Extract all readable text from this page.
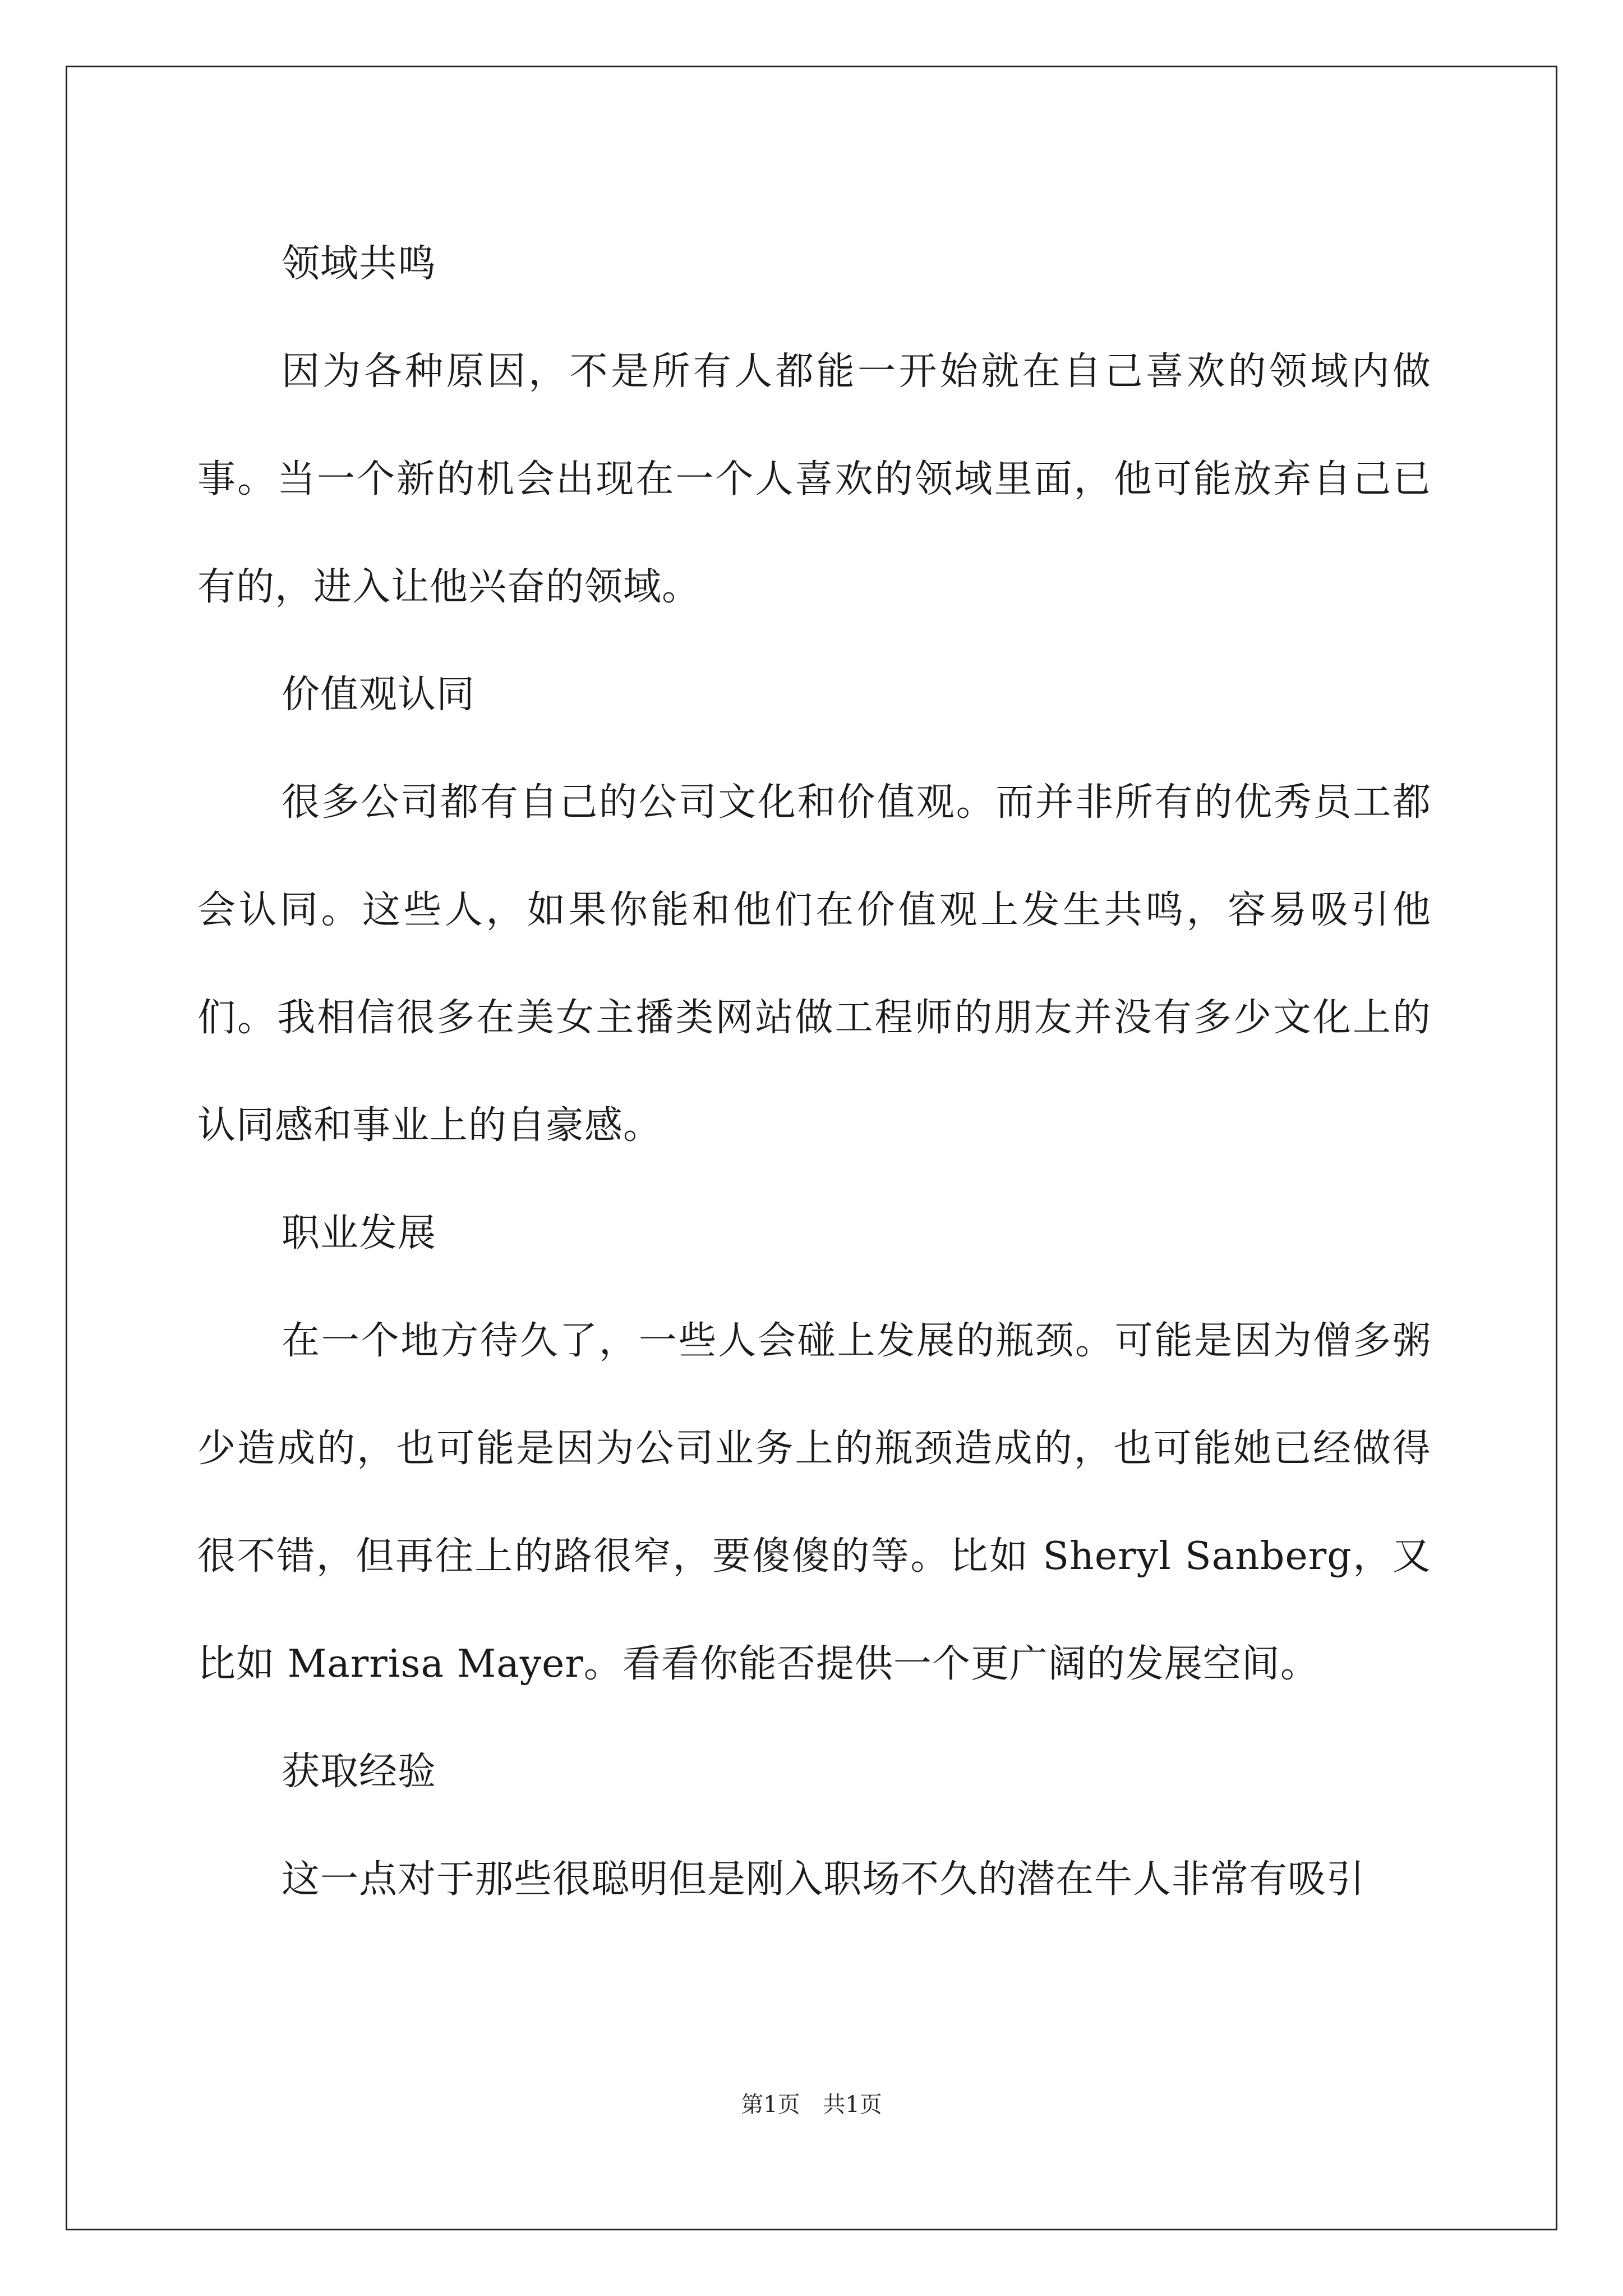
领域共鸣

因为各种原因，不是所有人都能一开始就在自己喜欢的领域内做事。当一个新的机会出现在一个人喜欢的领域里面，他可能放弃自己已有的，进入让他兴奋的领域。

价值观认同

很多公司都有自己的公司文化和价值观。而并非所有的优秀员工都会认同。这些人，如果你能和他们在价值观上发生共鸣，容易吸引他们。我相信很多在美女主播类网站做工程师的朋友并没有多少文化上的认同感和事业上的自豪感。

职业发展

在一个地方待久了，一些人会碰上发展的瓶颈。可能是因为僧多粥少造成的，也可能是因为公司业务上的瓶颈造成的，也可能她已经做得很不错，但再往上的路很窄，要傻傻的等。比如 Sheryl Sanberg，又比如 Marrisa Mayer。看看你能否提供一个更广阔的发展空间。

获取经验

这一点对于那些很聪明但是刚入职场不久的潜在牛人非常有吸引

第1页 共1页
